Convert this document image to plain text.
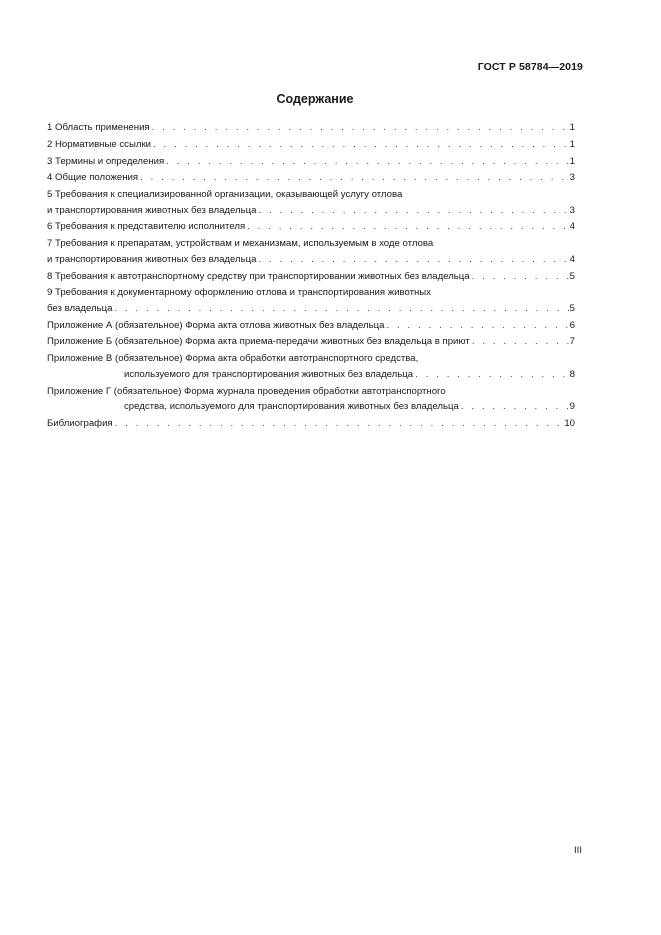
ГОСТ Р 58784—2019
Содержание
1 Область применения . . .	1
2 Нормативные ссылки . . .	1
3 Термины и определения . . .	1
4 Общие положения . . .	3
5 Требования к специализированной организации, оказывающей услугу отлова
и транспортирования животных без владельца . . .	3
6 Требования к представителю исполнителя . . .	4
7 Требования к препаратам, устройствам и механизмам, используемым в ходе отлова
и транспортирования животных без владельца . . .	4
8 Требования к автотранспортному средству при транспортировании животных без владельца . . .	5
9 Требования к документарному оформлению отлова и транспортирования животных
без владельца . . .	5
Приложение А (обязательное) Форма акта отлова животных без владельца . . .	6
Приложение Б (обязательное) Форма акта приема-передачи животных без владельца в приют . . .	7
Приложение В (обязательное) Форма акта обработки автотранспортного средства,
используемого для транспортирования животных без владельца . . .	8
Приложение Г (обязательное) Форма журнала проведения обработки автотранспортного
средства, используемого для транспортирования животных без владельца . . .	9
Библиография . . .	10
III
